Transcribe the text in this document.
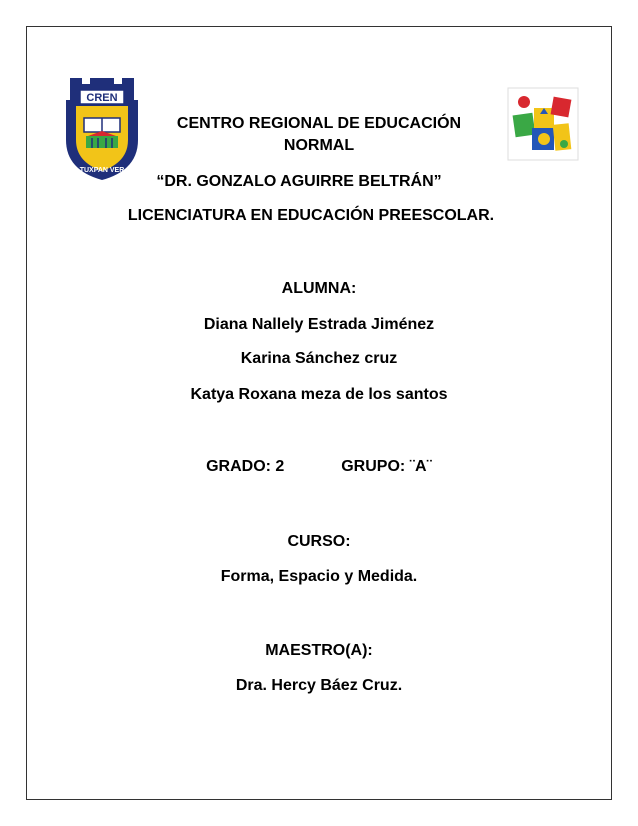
CREN
TUXPAN VER
CENTRO REGIONAL DE EDUCACIÓN
NORMAL
“DR. GONZALO AGUIRRE BELTRÁN”
LICENCIATURA EN EDUCACIÓN PREESCOLAR.
ALUMNA:
Diana Nallely Estrada Jiménez
Karina Sánchez cruz
Katya Roxana meza de los santos
GRADO: 2	GRUPO: ¨A¨
CURSO:
Forma, Espacio y Medida.
MAESTRO(A):
Dra. Hercy Báez Cruz.
